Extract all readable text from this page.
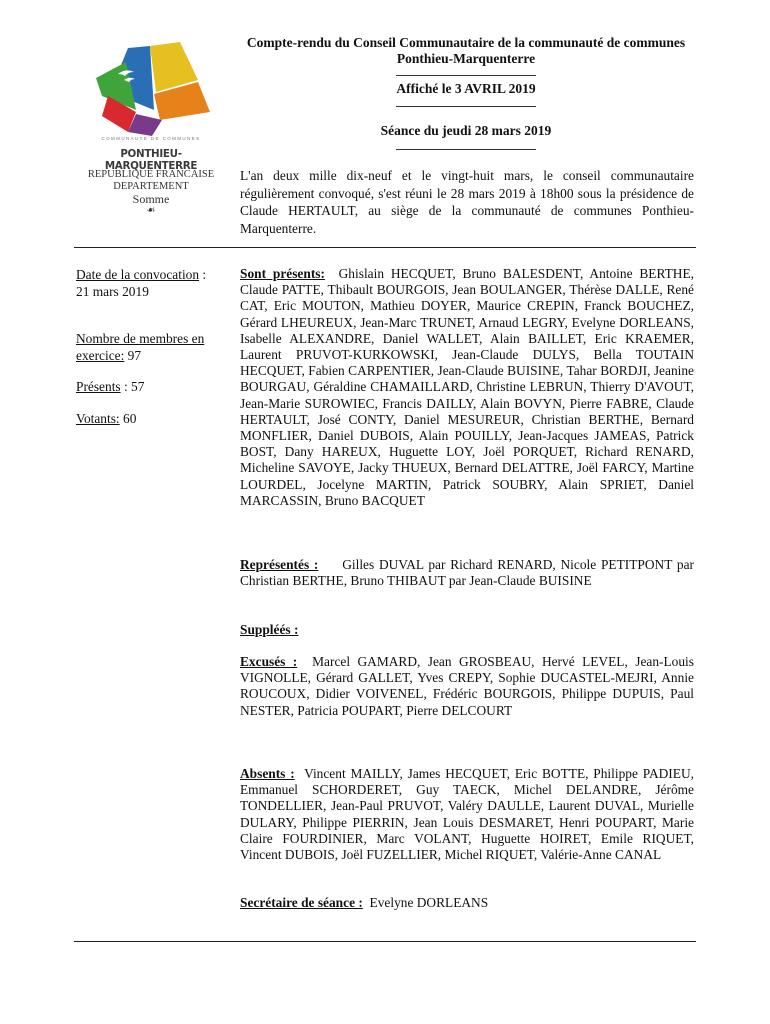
COMMUNAUTE DE COMMUNES
PONTHIEU-MARQUENTERRE
REPUBLIQUE FRANCAISE
DEPARTEMENT
Somme
☙
Compte-rendu du Conseil Communautaire de la communauté de communes Ponthieu-Marquenterre
Affiché le 3 AVRIL 2019
Séance du jeudi 28 mars 2019
L'an deux mille dix-neuf et le vingt-huit mars, le conseil communautaire régulièrement convoqué, s'est réuni le 28 mars 2019 à 18h00 sous la présidence de Claude HERTAULT, au siège de la communauté de communes Ponthieu-Marquenterre.
Date de la convocation :
21 mars 2019
Nombre de membres en exercice: 97
Présents : 57
Votants: 60
Sont présents: Ghislain HECQUET, Bruno BALESDENT, Antoine BERTHE, Claude PATTE, Thibault BOURGOIS, Jean BOULANGER, Thérèse DALLE, René CAT, Eric MOUTON, Mathieu DOYER, Maurice CREPIN, Franck BOUCHEZ, Gérard LHEUREUX, Jean-Marc TRUNET, Arnaud LEGRY, Evelyne DORLEANS, Isabelle ALEXANDRE, Daniel WALLET, Alain BAILLET, Eric KRAEMER, Laurent PRUVOT-KURKOWSKI, Jean-Claude DULYS, Bella TOUTAIN HECQUET, Fabien CARPENTIER, Jean-Claude BUISINE, Tahar BORDJI, Jeanine BOURGAU, Géraldine CHAMAILLARD, Christine LEBRUN, Thierry D'AVOUT, Jean-Marie SUROWIEC, Francis DAILLY, Alain BOVYN, Pierre FABRE, Claude HERTAULT, José CONTY, Daniel MESUREUR, Christian BERTHE, Bernard MONFLIER, Daniel DUBOIS, Alain POUILLY, Jean-Jacques JAMEAS, Patrick BOST, Dany HAREUX, Huguette LOY, Joël PORQUET, Richard RENARD, Micheline SAVOYE, Jacky THUEUX, Bernard DELATTRE, Joël FARCY, Martine LOURDEL, Jocelyne MARTIN, Patrick SOUBRY, Alain SPRIET, Daniel MARCASSIN, Bruno BACQUET
Représentés : Gilles DUVAL par Richard RENARD, Nicole PETITPONT par Christian BERTHE, Bruno THIBAUT par Jean-Claude BUISINE
Suppléés :
Excusés : Marcel GAMARD, Jean GROSBEAU, Hervé LEVEL, Jean-Louis VIGNOLLE, Gérard GALLET, Yves CREPY, Sophie DUCASTEL-MEJRI, Annie ROUCOUX, Didier VOIVENEL, Frédéric BOURGOIS, Philippe DUPUIS, Paul NESTER, Patricia POUPART, Pierre DELCOURT
Absents : Vincent MAILLY, James HECQUET, Eric BOTTE, Philippe PADIEU, Emmanuel SCHORDERET, Guy TAECK, Michel DELANDRE, Jérôme TONDELLIER, Jean-Paul PRUVOT, Valéry DAULLE, Laurent DUVAL, Murielle DULARY, Philippe PIERRIN, Jean Louis DESMARET, Henri POUPART, Marie Claire FOURDINIER, Marc VOLANT, Huguette HOIRET, Emile RIQUET, Vincent DUBOIS, Joël FUZELLIER, Michel RIQUET, Valérie-Anne CANAL
Secrétaire de séance : Evelyne DORLEANS
